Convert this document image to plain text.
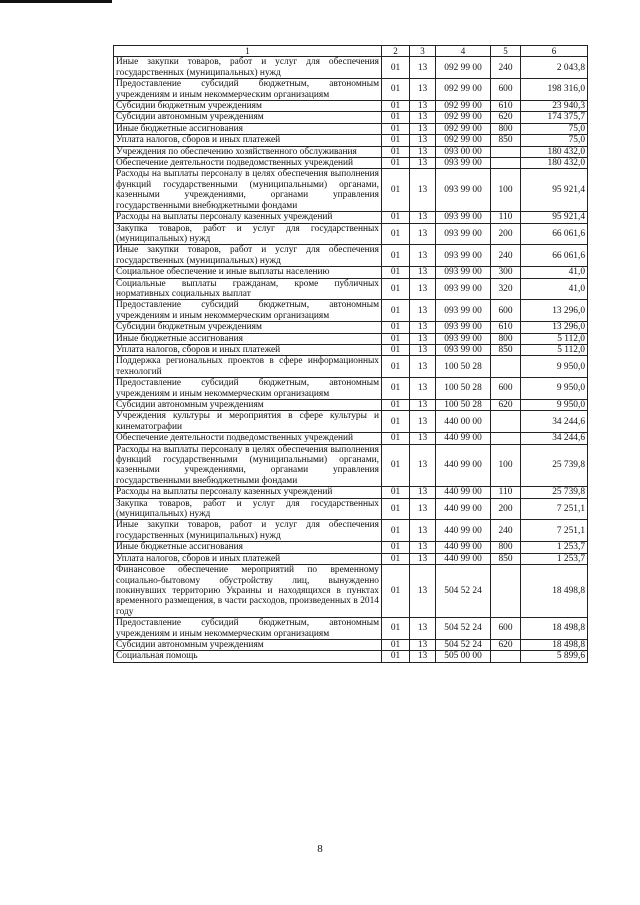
1	2	3	4	5	6
Иные закупки товаров, работ и услуг для обеспечения государственных (муниципальных) нужд	01	13	092 99 00	240	2 043,8
Предоставление субсидий бюджетным, автономным учреждениям и иным некоммерческим организациям	01	13	092 99 00	600	198 316,0
Субсидии бюджетным учреждениям	01	13	092 99 00	610	23 940,3
Субсидии автономным учреждениям	01	13	092 99 00	620	174 375,7
Иные бюджетные ассигнования	01	13	092 99 00	800	75,0
Уплата налогов, сборов и иных платежей	01	13	092 99 00	850	75,0
Учреждения по обеспечению хозяйственного обслуживания	01	13	093 00 00		180 432,0
Обеспечение деятельности подведомственных учреждений	01	13	093 99 00		180 432,0
Расходы на выплаты персоналу в целях обеспечения выполнения функций государственными (муниципальными) органами, казенными учреждениями, органами управления государственными внебюджетными фондами	01	13	093 99 00	100	95 921,4
Расходы на выплаты персоналу казенных учреждений	01	13	093 99 00	110	95 921,4
Закупка товаров, работ и услуг для государственных (муниципальных) нужд	01	13	093 99 00	200	66 061,6
Иные закупки товаров, работ и услуг для обеспечения государственных (муниципальных) нужд	01	13	093 99 00	240	66 061,6
Социальное обеспечение и иные выплаты населению	01	13	093 99 00	300	41,0
Социальные выплаты гражданам, кроме публичных нормативных социальных выплат	01	13	093 99 00	320	41,0
Предоставление субсидий бюджетным, автономным учреждениям и иным некоммерческим организациям	01	13	093 99 00	600	13 296,0
Субсидии бюджетным учреждениям	01	13	093 99 00	610	13 296,0
Иные бюджетные ассигнования	01	13	093 99 00	800	5 112,0
Уплата налогов, сборов и иных платежей	01	13	093 99 00	850	5 112,0
Поддержка региональных проектов в сфере информационных технологий	01	13	100 50 28		9 950,0
Предоставление субсидий бюджетным, автономным учреждениям и иным некоммерческим организациям	01	13	100 50 28	600	9 950,0
Субсидии автономным учреждениям	01	13	100 50 28	620	9 950,0
Учреждения культуры и мероприятия в сфере культуры и кинематографии	01	13	440 00 00		34 244,6
Обеспечение деятельности подведомственных учреждений	01	13	440 99 00		34 244,6
Расходы на выплаты персоналу в целях обеспечения выполнения функций государственными (муниципальными) органами, казенными учреждениями, органами управления государственными внебюджетными фондами	01	13	440 99 00	100	25 739,8
Расходы на выплаты персоналу казенных учреждений	01	13	440 99 00	110	25 739,8
Закупка товаров, работ и услуг для государственных (муниципальных) нужд	01	13	440 99 00	200	7 251,1
Иные закупки товаров, работ и услуг для обеспечения государственных (муниципальных) нужд	01	13	440 99 00	240	7 251,1
Иные бюджетные ассигнования	01	13	440 99 00	800	1 253,7
Уплата налогов, сборов и иных платежей	01	13	440 99 00	850	1 253,7
Финансовое обеспечение мероприятий по временному социально-бытовому обустройству лиц, вынужденно покинувших территорию Украины и находящихся в пунктах временного размещения, в части расходов, произведенных в 2014 году	01	13	504 52 24		18 498,8
Предоставление субсидий бюджетным, автономным учреждениям и иным некоммерческим организациям	01	13	504 52 24	600	18 498,8
Субсидии автономным учреждениям	01	13	504 52 24	620	18 498,8
Социальная помощь	01	13	505 00 00		5 899,6
8
